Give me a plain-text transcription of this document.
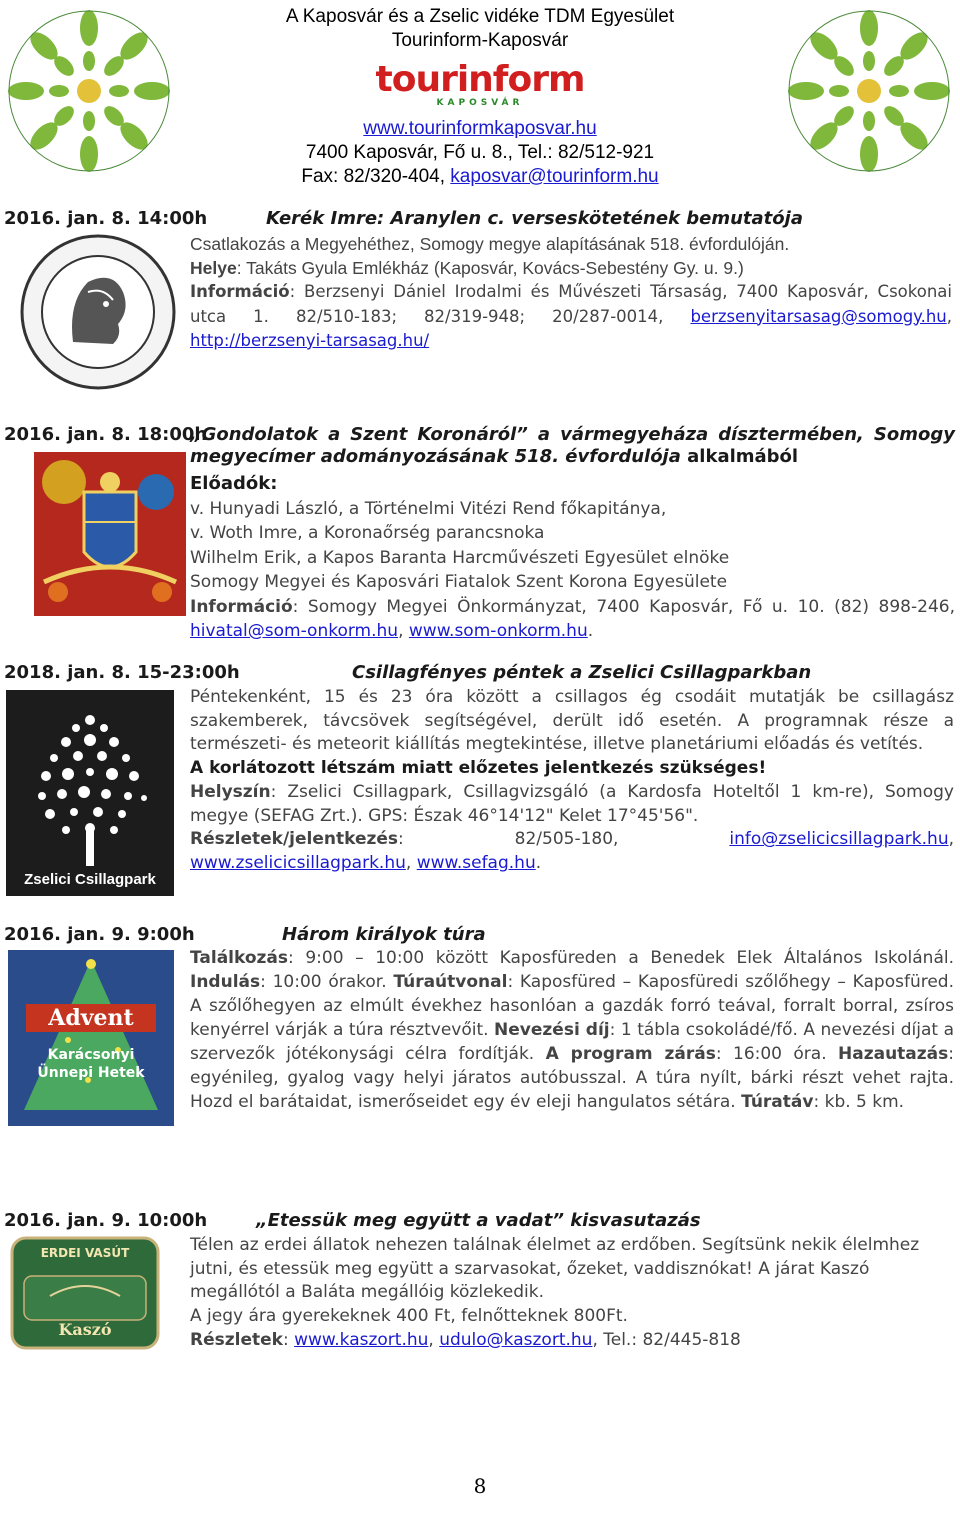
A Kaposvár és a Zselic vidéke TDM Egyesület
Tourinform-Kaposvár
tourinform
KAPOSVÁR
www.tourinformkaposvar.hu
7400 Kaposvár, Fő u. 8., Tel.: 82/512-921
Fax: 82/320-404, kaposvar@tourinform.hu
2016. jan. 8. 14:00h	Kerék Imre: Aranylen c. verseskötetének bemutatója

Csatlakozás a Megyehéthez, Somogy megye alapításának 518. évfordulóján.

Helye: Takáts Gyula Emlékház (Kaposvár, Kovács-Sebestény Gy. u. 9.)

Információ: Berzsenyi Dániel Irodalmi és Művészeti Társaság, 7400 Kaposvár, Csokonai utca 1. 82/510-183; 82/319-948; 20/287-0014, berzsenyitarsasag@somogy.hu, http://berzsenyi-tarsasag.hu/

2016. jan. 8. 18:00h

„Gondolatok a Szent Koronáról” a vármegyeháza dísztermében, Somogy megyecímer adományozásának 518. évfordulója alkalmából

Előadók:

v. Hunyadi László, a Történelmi Vitézi Rend főkapitánya,

v. Woth Imre, a Koronaőrség parancsnoka

Wilhelm Erik, a Kapos Baranta Harcművészeti Egyesület elnöke

Somogy Megyei és Kaposvári Fiatalok Szent Korona Egyesülete

Információ: Somogy Megyei Önkormányzat, 7400 Kaposvár, Fő u. 10. (82) 898-246, hivatal@som-onkorm.hu, www.som-onkorm.hu.

2018. jan. 8. 15-23:00h	Csillagfényes péntek a Zselici Csillagparkban
Zselici Csillagpark

Péntekenként, 15 és 23 óra között a csillagos ég csodáit mutatják be csillagász szakemberek, távcsövek segítségével, derült idő esetén. A programnak része a természeti- és meteorit kiállítás megtekintése, illetve planetáriumi előadás és vetítés.

A korlátozott létszám miatt előzetes jelentkezés szükséges!

Helyszín: Zselici Csillagpark, Csillagvizsgáló (a Kardosfa Hoteltől 1 km-re), Somogy megye (SEFAG Zrt.). GPS: Észak 46°14'12" Kelet 17°45'56".

Részletek/jelentkezés: 82/505-180, info@zselicicsillagpark.hu, www.zselicicsillagpark.hu, www.sefag.hu.

2016. jan. 9. 9:00h	Három királyok túra
Advent
Karácsonyi Ünnepi Hetek

Találkozás: 9:00 – 10:00 között Kaposfüreden a Benedek Elek Általános Iskolánál. Indulás: 10:00 órakor. Túraútvonal: Kaposfüred – Kaposfüredi szőlőhegy – Kaposfüred. A szőlőhegyen az elmúlt évekhez hasonlóan a gazdák forró teával, forralt borral, zsíros kenyérrel várják a túra résztvevőit. Nevezési díj: 1 tábla csokoládé/fő. A nevezési díjat a szervezők jótékonysági célra fordítják. A program zárás: 16:00 óra. Hazautazás: egyénileg, gyalog vagy helyi járatos autóbusszal. A túra nyílt, bárki részt vehet rajta. Hozd el barátaidat, ismerőseidet egy év eleji hangulatos sétára. Túratáv: kb. 5 km.

2016. jan. 9. 10:00h	„Etessük meg együtt a vadat” kisvasutazás
ERDEI VASÚT
Kaszó

Télen az erdei állatok nehezen találnak élelmet az erdőben. Segítsünk nekik élelmhez jutni, és etessük meg együtt a szarvasokat, őzeket, vaddisznókat! A járat Kaszó megállótól a Baláta megállóig közlekedik.

A jegy ára gyerekeknek 400 Ft, felnőtteknek 800Ft.

Részletek: www.kaszort.hu, udulo@kaszort.hu, Tel.: 82/445-818

8
